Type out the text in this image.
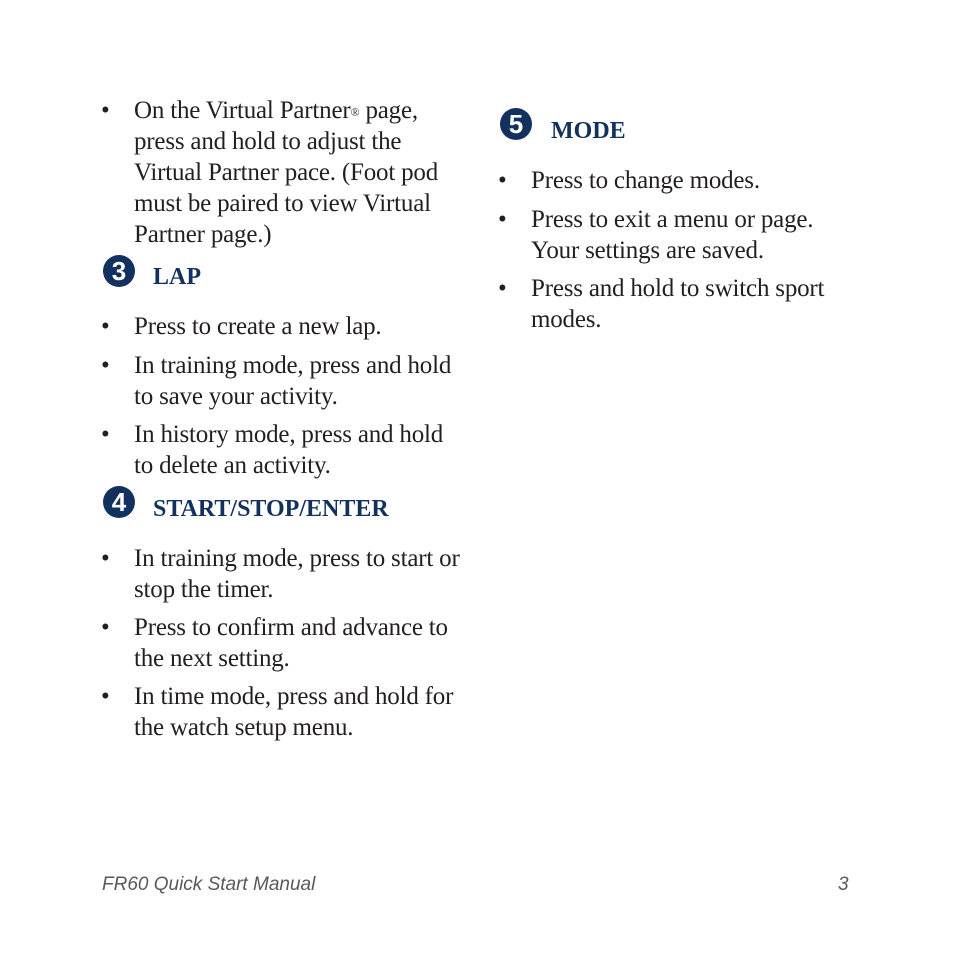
• On the Virtual Partner® page,
press and hold to adjust the
Virtual Partner pace. (Foot pod
must be paired to view Virtual
Partner page.)
3	LAP
• Press to create a new lap.
• In training mode, press and hold
to save your activity.
• In history mode, press and hold
to delete an activity.
4	START/STOP/ENTER
• In training mode, press to start or
stop the timer.
• Press to confirm and advance to
the next setting.
• In time mode, press and hold for
the watch setup menu.
5	MODE
• Press to change modes.
• Press to exit a menu or page.
Your settings are saved.
• Press and hold to switch sport
modes.
FR60 Quick Start Manual	3
